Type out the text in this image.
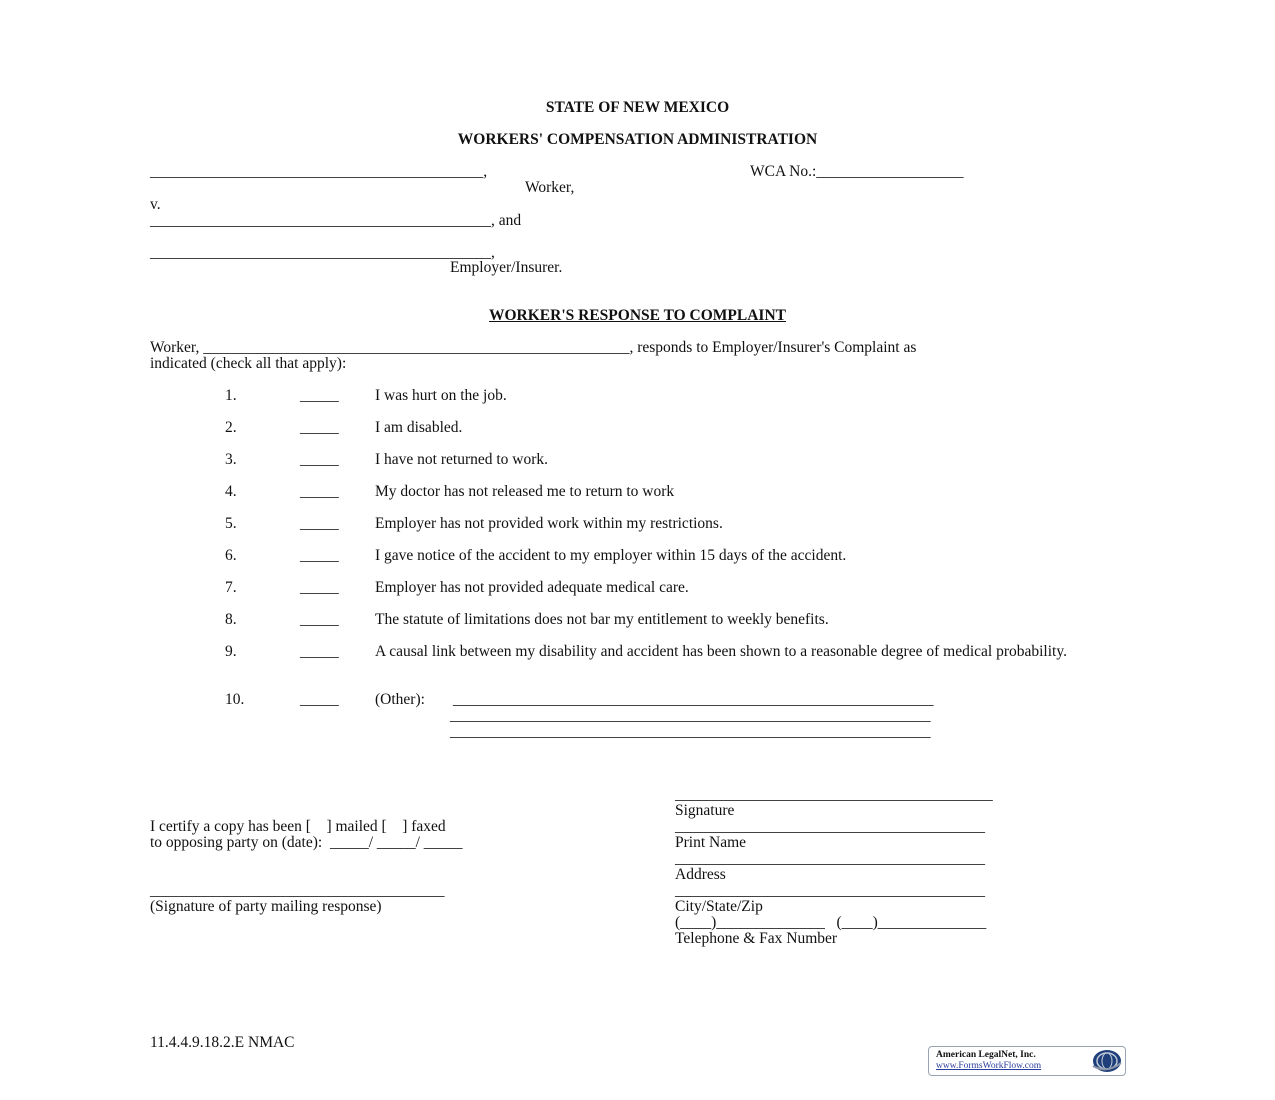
STATE OF NEW MEXICO
WORKERS' COMPENSATION ADMINISTRATION
___________________________________________,	WCA No.:___________________
Worker,
v.
____________________________________________, and
____________________________________________,
Employer/Insurer.
WORKER'S RESPONSE TO COMPLAINT
Worker, _______________________________________________________, responds to Employer/Insurer's Complaint as
indicated (check all that apply):
1.	_____ I was hurt on the job.
2.	_____ I am disabled.
3.	_____ I have not returned to work.
4.	_____ My doctor has not released me to return to work
5.	_____ Employer has not provided work within my restrictions.
6.	_____ I gave notice of the accident to my employer within 15 days of the accident.
7.	_____ Employer has not provided adequate medical care.
8.	_____ The statute of limitations does not bar my entitlement to weekly benefits.
9.	_____ A causal link between my disability and accident has been shown to a reasonable degree of medical probability.
10.	_____ (Other): ______________________________________________________________
______________________________________________________________
______________________________________________________________
_________________________________________
Signature
________________________________________
Print Name
________________________________________
Address
________________________________________
City/State/Zip
(____)______________   (____)______________
Telephone & Fax Number
I certify a copy has been [    ] mailed [    ] faxed
to opposing party on (date):  _____/ _____/ _____
______________________________________
(Signature of party mailing response)
11.4.4.9.18.2.E NMAC
American LegalNet, Inc.
www.FormsWorkFlow.com
